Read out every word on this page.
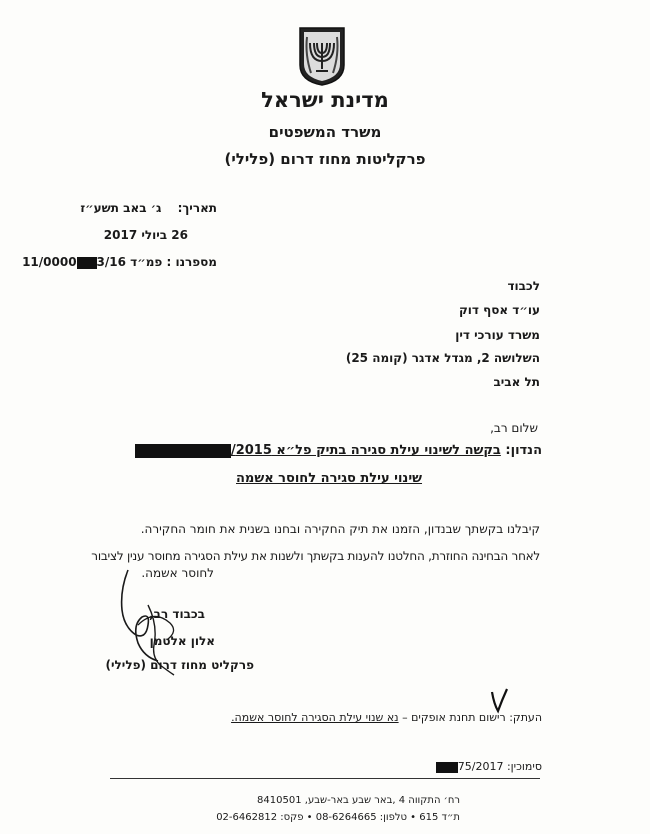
מדינת ישראל
משרד המשפטים
פרקליטות מחוז דרום (פלילי)
תאריך: ג׳ באב תשע״ז
26 ביולי 2017
מספרנו : פמ״ד 3/1611/0000
לכבוד
עו״ד אסף דוק
משרד עורכי דין
השלושה 2, מגדל אדגר (קומה 25)
תל אביב
שלום רב,
הנדון: בקשה לשינוי עילת סגירה בתיק פל״א 2015/
שינוי עילת סגירה לחוסר אשמה
קיבלנו בקשתך שבנדון, הזמנו את תיק החקירה ובחנו בשנית את חומר החקירה.
לאחר הבחינה החוזרת, החלטנו להענות בקשתך ולשנות את עילת הסגירה מחוסר ענין לציבור
לחוסר אשמה.
בכבוד רב,
אלון אלטמן
פרקליט מחוז דרום (פלילי)
העתק: רישום תחנת אופקים – נא שנוי עילת הסגירה לחוסר אשמה.
סימוכין: 75/2017
רח׳ התקווה 4 ,באר שבע באר-שבע, 8410501
ת״ד 615 • טלפון: 08-6264665 • פקס: 02-6462812
